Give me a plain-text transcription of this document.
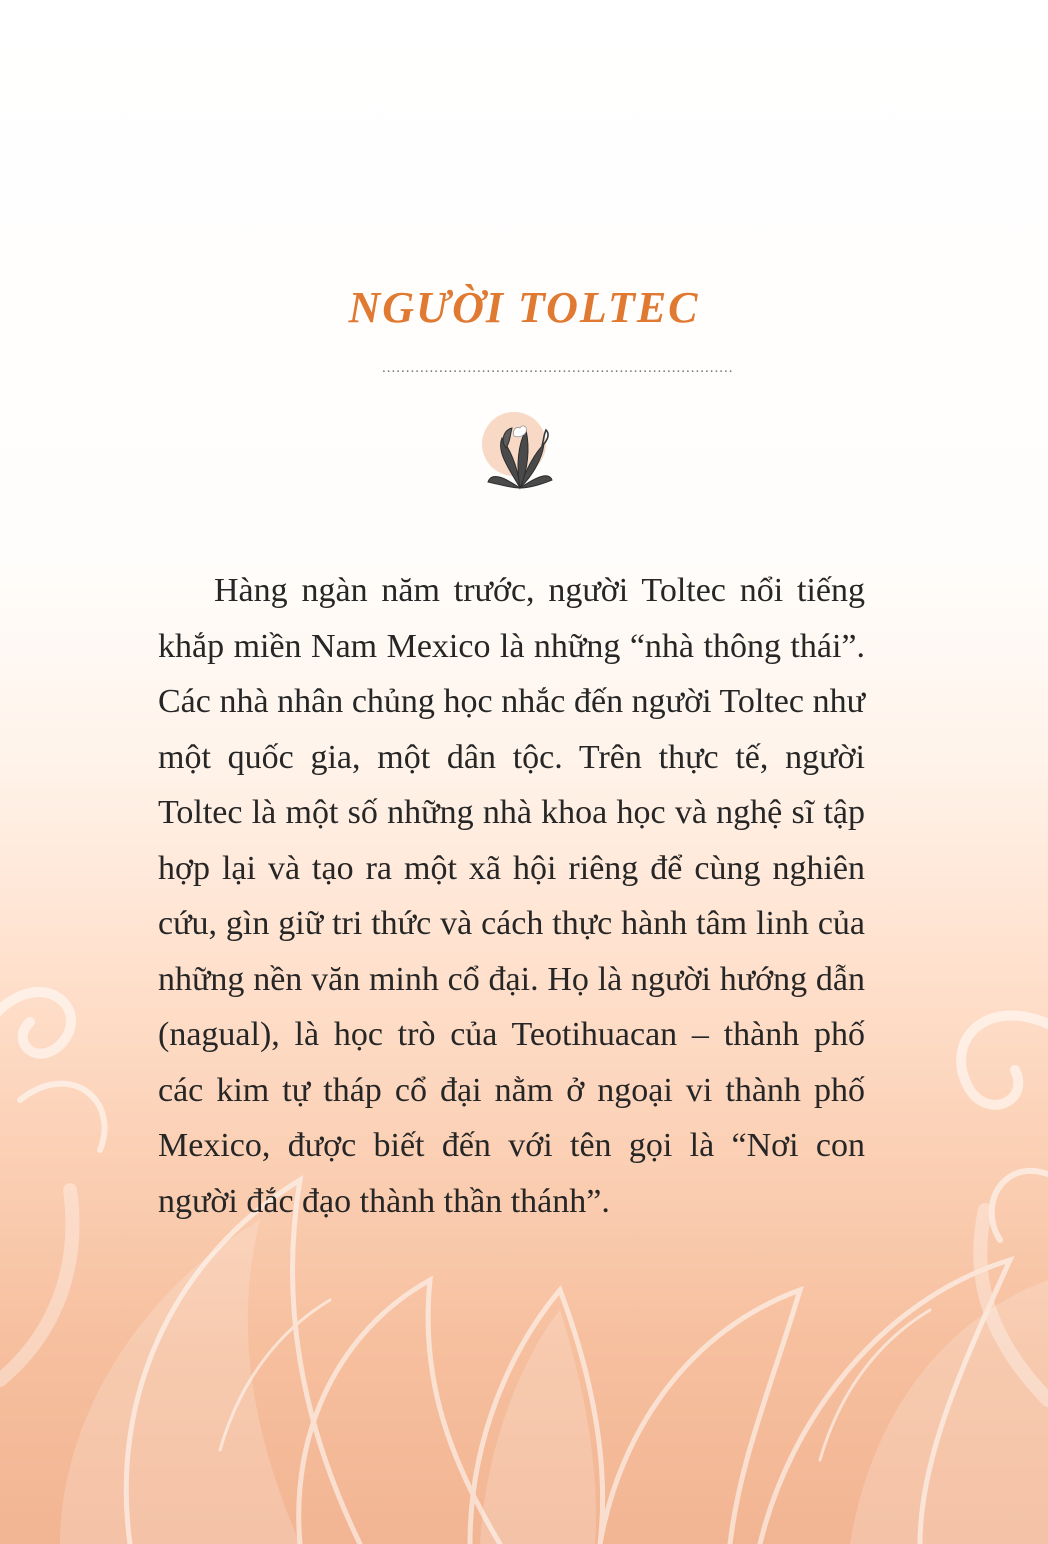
NGƯỜI TOLTEC
..........................................................................

Hàng ngàn năm trước, người Toltec nổi tiếng khắp miền Nam Mexico là những “nhà thông thái”. Các nhà nhân chủng học nhắc đến người Toltec như một quốc gia, một dân tộc. Trên thực tế, người Toltec là một số những nhà khoa học và nghệ sĩ tập hợp lại và tạo ra một xã hội riêng để cùng nghiên cứu, gìn giữ tri thức và cách thực hành tâm linh của những nền văn minh cổ đại. Họ là người hướng dẫn (nagual), là học trò của Teotihuacan – thành phố các kim tự tháp cổ đại nằm ở ngoại vi thành phố Mexico, được biết đến với tên gọi là “Nơi con người đắc đạo thành thần thánh”.
